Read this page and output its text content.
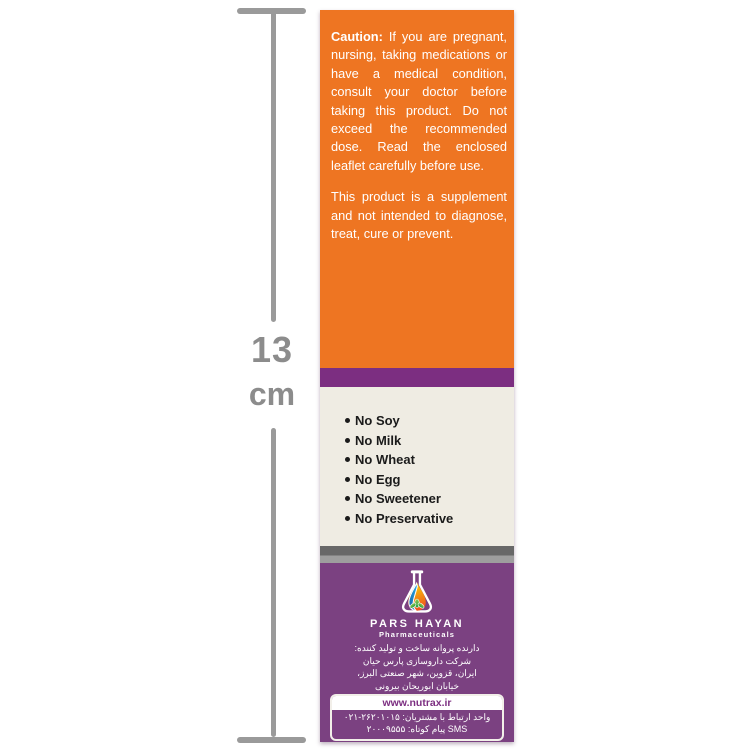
13
cm

Caution: If you are pregnant, nursing, taking medications or have a medical condition, consult your doctor before taking this product. Do not exceed the recommended dose. Read the enclosed leaflet carefully before use.

This product is a supplement and not intended to diagnose, treat, cure or prevent.

No Soy
No Milk
No Wheat
No Egg
No Sweetener
No Preservative
PARS HAYAN
Pharmaceuticals
دارنده پروانه ساخت و تولید کننده:
شرکت داروسازی پارس حیان
ایران، قزوین، شهر صنعتی البرز،
خیابان ابوریحان بیرونی
www.nutrax.ir
واحد ارتباط با مشتریان: ۰۲۱-۲۶۲۰۱۰۱۵
SMS پیام کوتاه: ۲۰۰۰۹۵۵۵
